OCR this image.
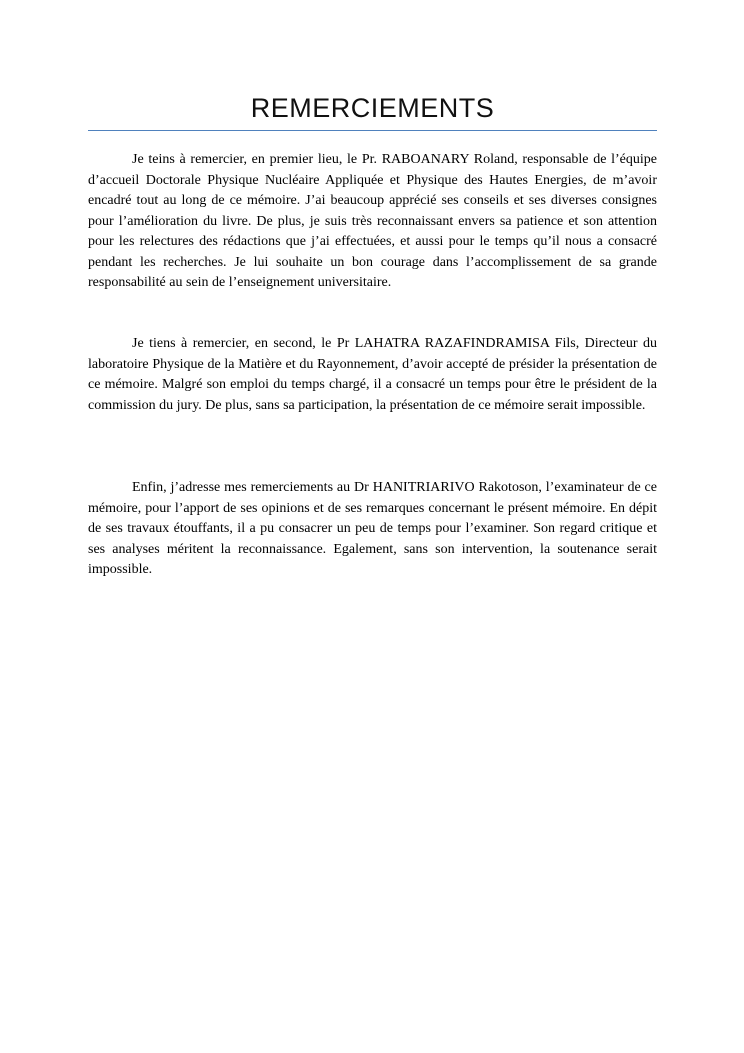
REMERCIEMENTS

Je teins à remercier, en premier lieu, le Pr. RABOANARY Roland, responsable de l’équipe d’accueil Doctorale Physique Nucléaire Appliquée et Physique des Hautes Energies, de m’avoir encadré tout au long de ce mémoire. J’ai beaucoup apprécié ses conseils et ses diverses consignes pour l’amélioration du livre. De plus, je suis très reconnaissant envers sa patience et son attention pour les relectures des rédactions que j’ai effectuées, et aussi pour le temps qu’il nous a consacré pendant les recherches. Je lui souhaite un bon courage dans l’accomplissement de sa grande responsabilité au sein de l’enseignement universitaire.

Je tiens à remercier, en second, le Pr LAHATRA RAZAFINDRAMISA Fils, Directeur du laboratoire Physique de la Matière et du Rayonnement, d’avoir accepté de présider la présentation de ce mémoire. Malgré son emploi du temps chargé, il a consacré un temps pour être le président de la commission du jury. De plus, sans sa participation, la présentation de ce mémoire serait impossible.

Enfin, j’adresse mes remerciements au Dr HANITRIARIVO Rakotoson, l’examinateur de ce mémoire, pour l’apport de ses opinions et de ses remarques concernant le présent mémoire. En dépit de ses travaux étouffants, il a pu consacrer un peu de temps pour l’examiner. Son regard critique et ses analyses méritent la reconnaissance. Egalement, sans son intervention, la soutenance serait impossible.
